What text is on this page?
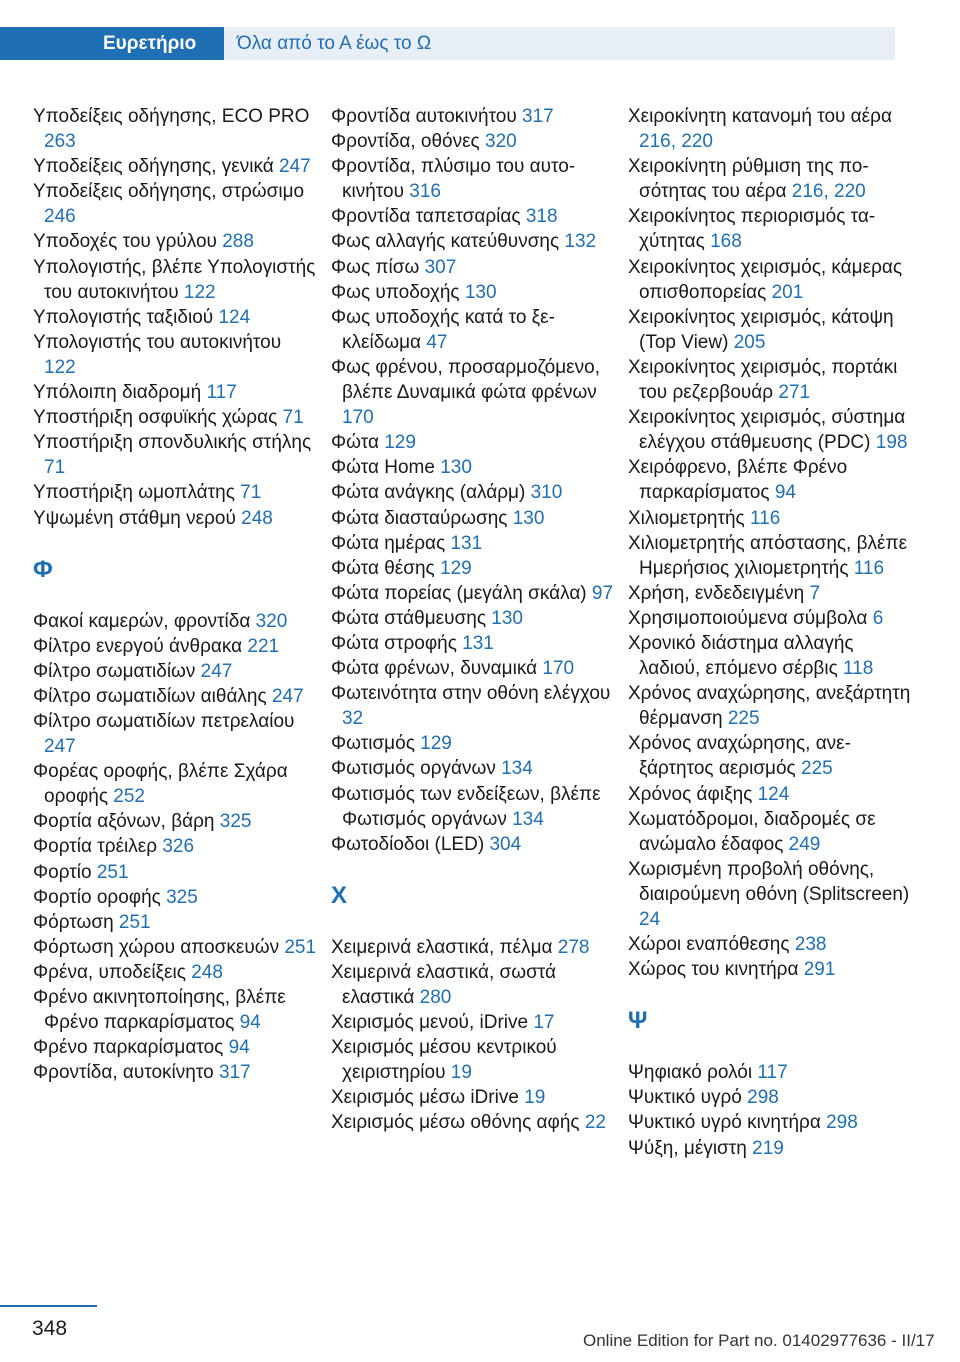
Ευρετήριο	Όλα από το Α έως το Ω

Υποδείξεις οδήγησης, ECO PRO 263

Υποδείξεις οδήγησης, γενικά 247

Υποδείξεις οδήγησης, στρώσιμο 246

Υποδοχές του γρύλου 288

Υπολογιστής, βλέπε Υπολογιστής του αυτοκινήτου 122

Υπολογιστής ταξιδιού 124

Υπολογιστής του αυτοκινήτου 122

Υπόλοιπη διαδρομή 117

Υποστήριξη οσφυϊκής χώρας 71

Υποστήριξη σπονδυλικής στήλης 71

Υποστήριξη ωμοπλάτης 71

Υψωμένη στάθμη νερού 248

Φ

Φακοί καμερών, φροντίδα 320

Φίλτρο ενεργού άνθρακα 221

Φίλτρο σωματιδίων 247

Φίλτρο σωματιδίων αιθάλης 247

Φίλτρο σωματιδίων πετρελαίου 247

Φορέας οροφής, βλέπε Σχάρα οροφής 252

Φορτία αξόνων, βάρη 325

Φορτία τρέιλερ 326

Φορτίο 251

Φορτίο οροφής 325

Φόρτωση 251

Φόρτωση χώρου αποσκευών 251

Φρένα, υποδείξεις 248

Φρένο ακινητοποίησης, βλέπε Φρένο παρκαρίσματος 94

Φρένο παρκαρίσματος 94

Φροντίδα, αυτοκίνητο 317

Φροντίδα αυτοκινήτου 317

Φροντίδα, οθόνες 320

Φροντίδα, πλύσιμο του αυτοκινήτου 316

Φροντίδα ταπετσαρίας 318

Φως αλλαγής κατεύθυνσης 132

Φως πίσω 307

Φως υποδοχής 130

Φως υποδοχής κατά το ξεκλείδωμα 47

Φως φρένου, προσαρμοζόμενο, βλέπε Δυναμικά φώτα φρένων 170

Φώτα 129

Φώτα Home 130

Φώτα ανάγκης (αλάρμ) 310

Φώτα διασταύρωσης 130

Φώτα ημέρας 131

Φώτα θέσης 129

Φώτα πορείας (μεγάλη σκάλα) 97

Φώτα στάθμευσης 130

Φώτα στροφής 131

Φώτα φρένων, δυναμικά 170

Φωτεινότητα στην οθόνη ελέγχου 32

Φωτισμός 129

Φωτισμός οργάνων 134

Φωτισμός των ενδείξεων, βλέπε Φωτισμός οργάνων 134

Φωτοδίοδοι (LED) 304

Χ

Χειμερινά ελαστικά, πέλμα 278

Χειμερινά ελαστικά, σωστά ελαστικά 280

Χειρισμός μενού, iDrive 17

Χειρισμός μέσου κεντρικού χειριστηρίου 19

Χειρισμός μέσω iDrive 19

Χειρισμός μέσω οθόνης αφής 22

Χειροκίνητη κατανομή του αέρα 216, 220

Χειροκίνητη ρύθμιση της ποσότητας του αέρα 216, 220

Χειροκίνητος περιορισμός ταχύτητας 168

Χειροκίνητος χειρισμός, κάμερας οπισθοπορείας 201

Χειροκίνητος χειρισμός, κάτοψη (Top View) 205

Χειροκίνητος χειρισμός, πορτάκι του ρεζερβουάρ 271

Χειροκίνητος χειρισμός, σύστημα ελέγχου στάθμευσης (PDC) 198

Χειρόφρενο, βλέπε Φρένο παρκαρίσματος 94

Χιλιομετρητής 116

Χιλιομετρητής απόστασης, βλέπε Ημερήσιος χιλιομετρητής 116

Χρήση, ενδεδειγμένη 7

Χρησιμοποιούμενα σύμβολα 6

Χρονικό διάστημα αλλαγής λαδιού, επόμενο σέρβις 118

Χρόνος αναχώρησης, ανεξάρτητη θέρμανση 225

Χρόνος αναχώρησης, ανεξάρτητος αερισμός 225

Χρόνος άφιξης 124

Χωματόδρομοι, διαδρομές σε ανώμαλο έδαφος 249

Χωρισμένη προβολή οθόνης, διαιρούμενη οθόνη (Splitscreen) 24

Χώροι εναπόθεσης 238

Χώρος του κινητήρα 291

Ψ

Ψηφιακό ρολόι 117

Ψυκτικό υγρό 298

Ψυκτικό υγρό κινητήρα 298

Ψύξη, μέγιστη 219

348
Online Edition for Part no. 01402977636 - II/17
